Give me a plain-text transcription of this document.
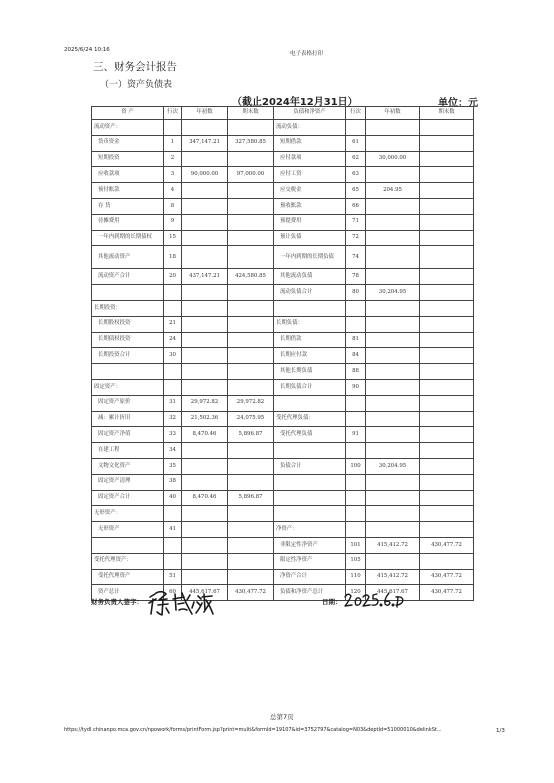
2025/6/24 10:16
电子表格打印
三、财务会计报告
（一）资产负债表
（截止2024年12月31日）	单位：元
资 产	行次	年初数	期末数	负债和净资产	行次	年初数	期末数
流动资产：				流动负债：			
货币资金	1	347,147.21	327,580.85	短期借款	61		
短期投资	2			应付款项	62	30,000.00	
应收款项	3	90,000.00	97,000.00	应付工资	63		
预付账款	4			应交税金	65	204.95	
存 货	8			预收账款	66		
待摊费用	9			预提费用	71		
一年内到期的长期债权	15			预计负债	72		
其他流动资产	18			一年内到期的长期负债	74		
流动资产合计	20	437,147.21	424,580.85	其他流动负债	78		
				流动负债合计	80	30,204.95	
长期投资：							
长期股权投资	21			长期负债：			
长期债权投资	24			长期借款	81		
长期投资合计	30			长期应付款	84		
				其他长期负债	88		
固定资产：				长期负债合计	90		
固定资产原价	31	29,972.82	29,972.82				
减：累计折旧	32	21,502.36	24,075.95	受托代理负债：			
固定资产净值	33	8,470.46	5,896.87	受托代理负债	91		
在建工程	34						
文物文化资产	35			负债合计	100	30,204.95	
固定资产清理	38						
固定资产合计	40	8,470.46	5,896.87				
无形资产：							
无形资产	41			净资产：			
				非限定性净资产	101	415,412.72	430,477.72
受托代理资产：				限定性净资产	105		
受托代理资产	51			净资产合计	110	415,412.72	430,477.72
资产总计	60	445,617.67	430,477.72	负债和净资产总计	120	445,617.67	430,477.72
财务负责人签字：	日期：
总第7页
https://tydl.chinanpo.mca.gov.cn/npowork/forms/printForm.jsp?print=multi&formId=19107&id=3752797&catalog=N03&deptId=51000010&delinkSt...	1/3
